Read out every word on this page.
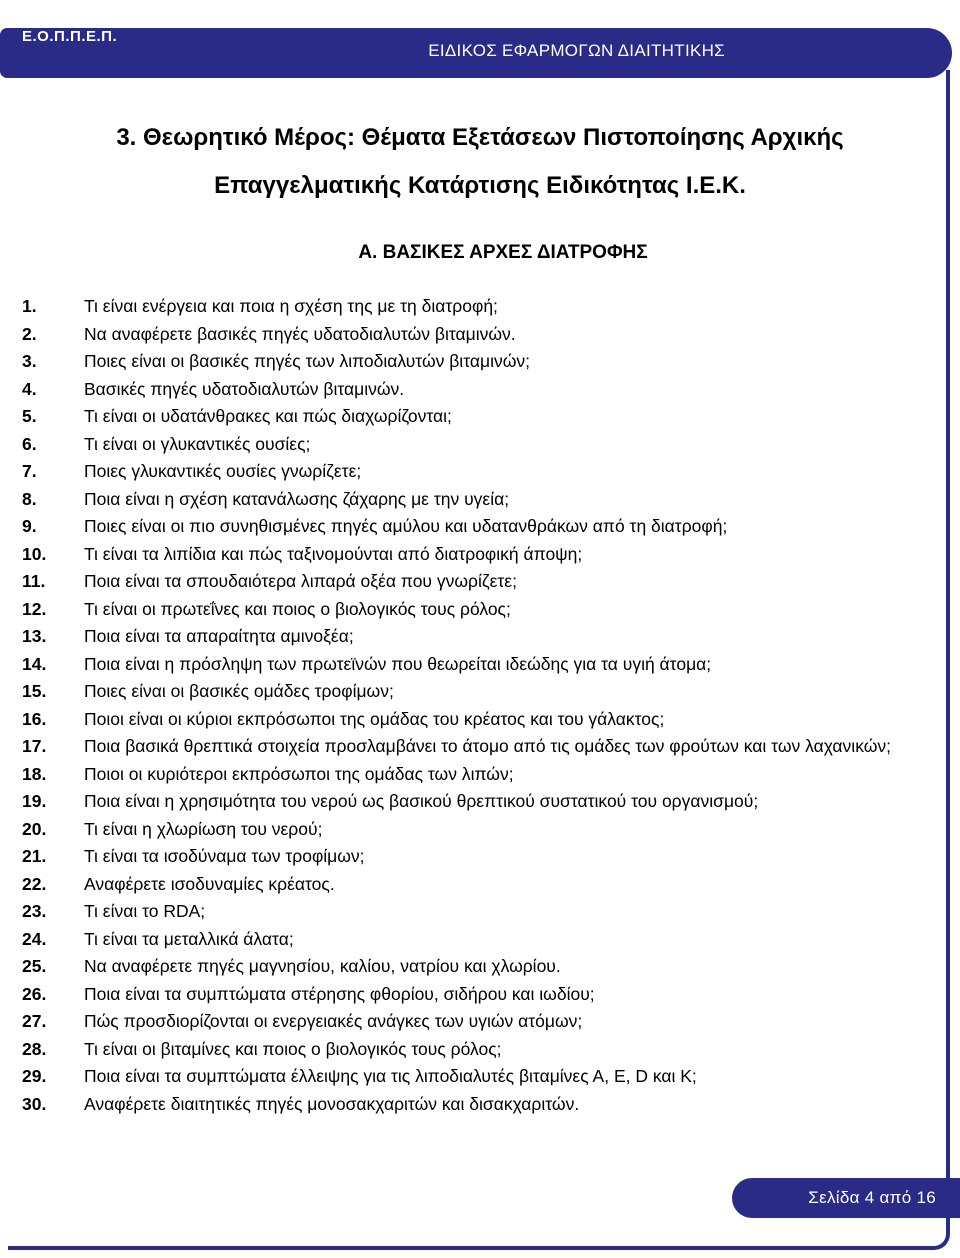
Ε.Ο.Π.Π.Ε.Π.
ΕΙΔΙΚΟΣ ΕΦΑΡΜΟΓΩΝ ΔΙΑΙΤΗΤΙΚΗΣ
3. Θεωρητικό Μέρος: Θέματα Εξετάσεων Πιστοποίησης Αρχικής
Επαγγελματικής Κατάρτισης Ειδικότητας Ι.Ε.Κ.
Α. ΒΑΣΙΚΕΣ ΑΡΧΕΣ ΔΙΑΤΡΟΦΗΣ
1.	Τι είναι ενέργεια και ποια η σχέση της με τη διατροφή;
2.	Να αναφέρετε βασικές πηγές υδατοδιαλυτών βιταμινών.
3.	Ποιες είναι οι βασικές πηγές των λιποδιαλυτών βιταμινών;
4.	Βασικές πηγές υδατοδιαλυτών βιταμινών.
5.	Τι είναι οι υδατάνθρακες και πώς διαχωρίζονται;
6.	Τι είναι οι γλυκαντικές ουσίες;
7.	Ποιες γλυκαντικές ουσίες γνωρίζετε;
8.	Ποια είναι η σχέση κατανάλωσης ζάχαρης με την υγεία;
9.	Ποιες είναι οι πιο συνηθισμένες πηγές αμύλου και υδατανθράκων από τη διατροφή;
10.	Τι είναι τα λιπίδια και πώς ταξινομούνται από διατροφική άποψη;
11.	Ποια είναι τα σπουδαιότερα λιπαρά οξέα που γνωρίζετε;
12.	Τι είναι οι πρωτεΐνες και ποιος ο βιολογικός τους ρόλος;
13.	Ποια είναι τα απαραίτητα αμινοξέα;
14.	Ποια είναι η πρόσληψη των πρωτεϊνών που θεωρείται ιδεώδης για τα υγιή άτομα;
15.	Ποιες είναι οι βασικές ομάδες τροφίμων;
16.	Ποιοι είναι οι κύριοι εκπρόσωποι της ομάδας του κρέατος και του γάλακτος;
17.	Ποια βασικά θρεπτικά στοιχεία προσλαμβάνει το άτομο από τις ομάδες των φρούτων και των λαχανικών;
18.	Ποιοι οι κυριότεροι εκπρόσωποι της ομάδας των λιπών;
19.	Ποια είναι η χρησιμότητα του νερού ως βασικού θρεπτικού συστατικού του οργανισμού;
20.	Τι είναι η χλωρίωση του νερού;
21.	Τι είναι τα ισοδύναμα των τροφίμων;
22.	Αναφέρετε ισοδυναμίες κρέατος.
23.	Τι είναι το RDA;
24.	Τι είναι τα μεταλλικά άλατα;
25.	Να αναφέρετε πηγές μαγνησίου, καλίου, νατρίου και χλωρίου.
26.	Ποια είναι τα συμπτώματα στέρησης φθορίου, σιδήρου και ιωδίου;
27.	Πώς προσδιορίζονται οι ενεργειακές ανάγκες των υγιών ατόμων;
28.	Τι είναι οι βιταμίνες και ποιος ο βιολογικός τους ρόλος;
29.	Ποια είναι τα συμπτώματα έλλειψης για τις λιποδιαλυτές βιταμίνες Α, Ε, D και Κ;
30.	Αναφέρετε διαιτητικές πηγές μονοσακχαριτών και δισακχαριτών.
Σελίδα 4 από 16
